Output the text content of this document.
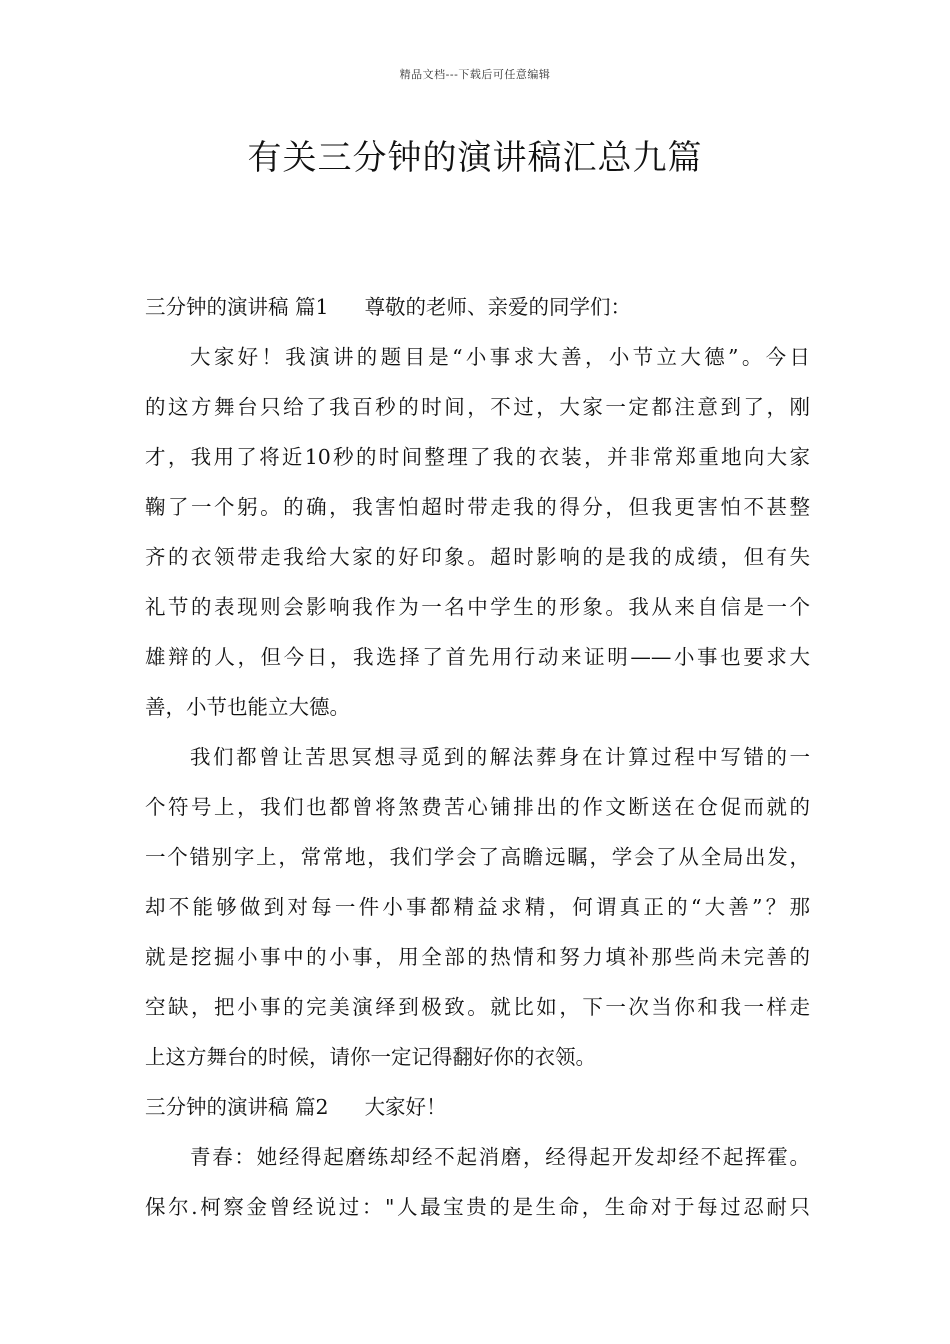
精品文档---下载后可任意编辑
有关三分钟的演讲稿汇总九篇
三分钟的演讲稿 篇1 尊敬的老师、亲爱的同学们：
大家好！我演讲的题目是“小事求大善，小节立大德”。今日
的这方舞台只给了我百秒的时间，不过，大家一定都注意到了，刚
才，我用了将近10秒的时间整理了我的衣装，并非常郑重地向大家
鞠了一个躬。的确，我害怕超时带走我的得分，但我更害怕不甚整
齐的衣领带走我给大家的好印象。超时影响的是我的成绩，但有失
礼节的表现则会影响我作为一名中学生的形象。我从来自信是一个
雄辩的人，但今日，我选择了首先用行动来证明——小事也要求大
善，小节也能立大德。
我们都曾让苦思冥想寻觅到的解法葬身在计算过程中写错的一
个符号上，我们也都曾将煞费苦心铺排出的作文断送在仓促而就的
一个错别字上，常常地，我们学会了高瞻远瞩，学会了从全局出发，
却不能够做到对每一件小事都精益求精，何谓真正的“大善”？那
就是挖掘小事中的小事，用全部的热情和努力填补那些尚未完善的
空缺，把小事的完美演绎到极致。就比如，下一次当你和我一样走
上这方舞台的时候，请你一定记得翻好你的衣领。
三分钟的演讲稿 篇2 大家好！
青春：她经得起磨练却经不起消磨，经得起开发却经不起挥霍。
保尔.柯察金曾经说过："人最宝贵的是生命，生命对于每过忍耐只
